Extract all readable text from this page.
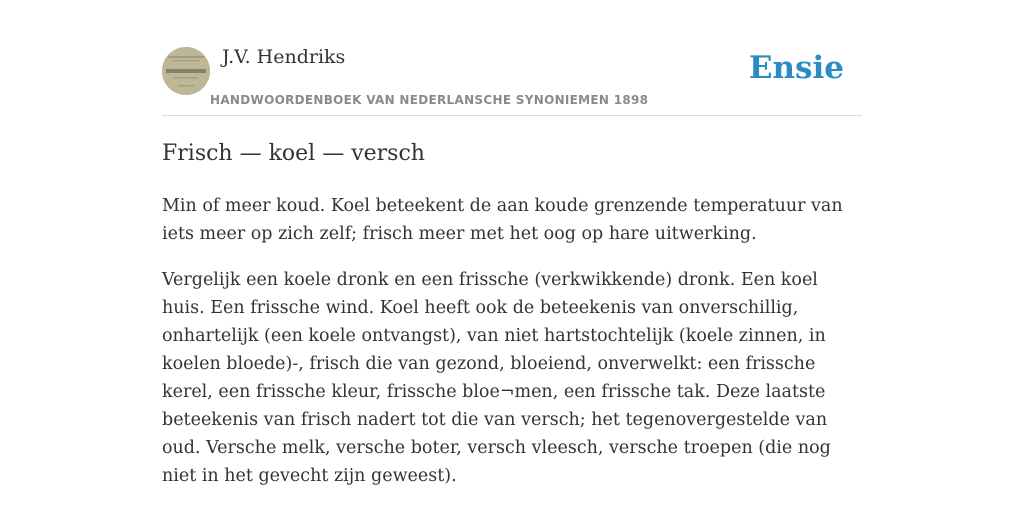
J.V. Hendriks
HANDWOORDENBOEK VAN NEDERLANSCHE SYNONIEMEN 1898
Ensie
Frisch — koel — versch

Min of meer koud. Koel beteekent de aan koude grenzende temperatuur van iets meer op zich zelf; frisch meer met het oog op hare uitwerking.

Vergelijk een koele dronk en een frissche (verkwikkende) dronk. Een koel huis. Een frissche wind. Koel heeft ook de beteekenis van onverschillig, onhartelijk (een koele ontvangst), van niet hartstochtelijk (koele zinnen, in koelen bloede)-, frisch die van gezond, bloeiend, onverwelkt: een frissche kerel, een frissche kleur, frissche bloe¬men, een frissche tak. Deze laatste beteekenis van frisch nadert tot die van versch; het tegenovergestelde van oud. Versche melk, versche boter, versch vleesch, versche troepen (die nog niet in het gevecht zijn geweest).
